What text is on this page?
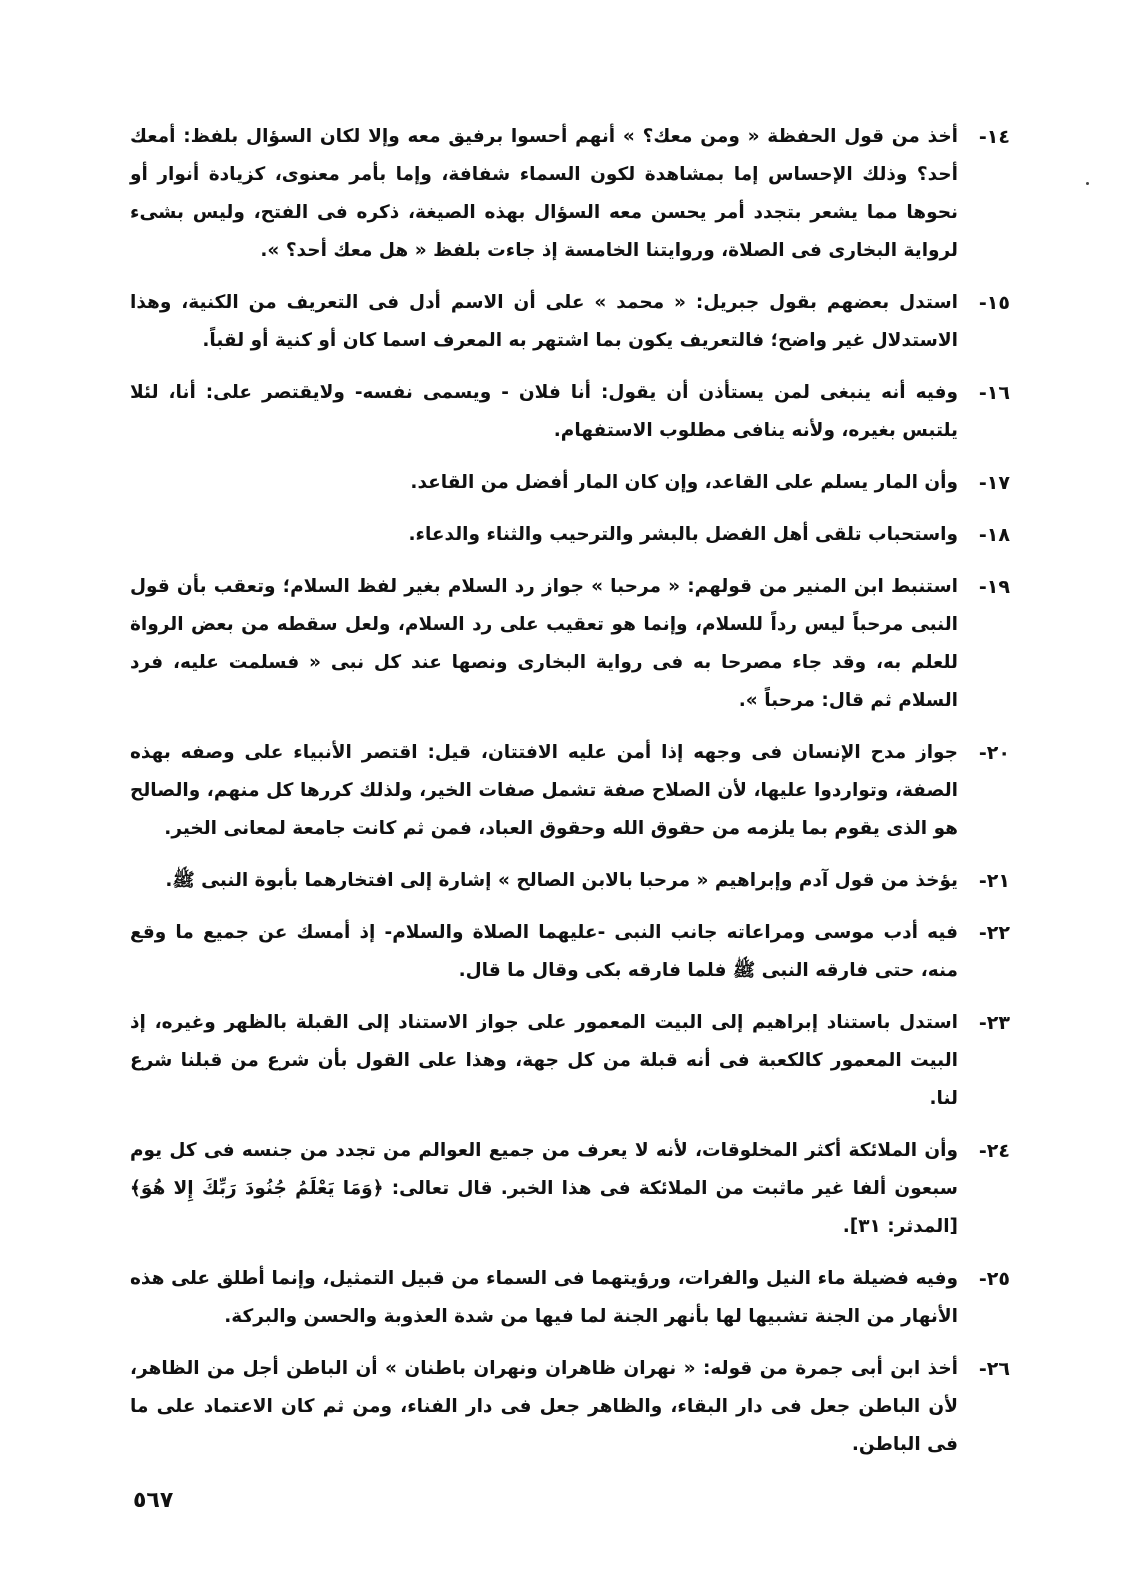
١٤-

أخذ من قول الحفظة « ومن معك؟ » أنهم أحسوا برفيق معه وإلا لكان السؤال بلفظ: أمعك أحد؟ وذلك الإحساس إما بمشاهدة لكون السماء شفافة، وإما بأمر معنوى، كزيادة أنوار أو نحوها مما يشعر بتجدد أمر يحسن معه السؤال بهذه الصيغة، ذكره فى الفتح، وليس بشىء لرواية البخارى فى الصلاة، وروايتنا الخامسة إذ جاءت بلفظ « هل معك أحد؟ ».

١٥-

استدل بعضهم بقول جبريل: « محمد » على أن الاسم أدل فى التعريف من الكنية، وهذا الاستدلال غير واضح؛ فالتعريف يكون بما اشتهر به المعرف اسما كان أو كنية أو لقباً.

١٦-

وفيه أنه ينبغى لمن يستأذن أن يقول: أنا فلان - ويسمى نفسه- ولايقتصر على: أنا، لئلا يلتبس بغيره، ولأنه ينافى مطلوب الاستفهام.

١٧-

وأن المار يسلم على القاعد، وإن كان المار أفضل من القاعد.

١٨-

واستحباب تلقى أهل الفضل بالبشر والترحيب والثناء والدعاء.

١٩-

استنبط ابن المنير من قولهم: « مرحبا » جواز رد السلام بغير لفظ السلام؛ وتعقب بأن قول النبى مرحباً ليس رداً للسلام، وإنما هو تعقيب على رد السلام، ولعل سقطه من بعض الرواة للعلم به، وقد جاء مصرحا به فى رواية البخارى ونصها عند كل نبى « فسلمت عليه، فرد السلام ثم قال: مرحباً ».

٢٠-

جواز مدح الإنسان فى وجهه إذا أمن عليه الافتتان، قيل: اقتصر الأنبياء على وصفه بهذه الصفة، وتواردوا عليها، لأن الصلاح صفة تشمل صفات الخير، ولذلك كررها كل منهم، والصالح هو الذى يقوم بما يلزمه من حقوق الله وحقوق العباد، فمن ثم كانت جامعة لمعانى الخير.

٢١-

يؤخذ من قول آدم وإبراهيم « مرحبا بالابن الصالح » إشارة إلى افتخارهما بأبوة النبى ﷺ.

٢٢-

فيه أدب موسى ومراعاته جانب النبى -عليهما الصلاة والسلام- إذ أمسك عن جميع ما وقع منه، حتى فارقه النبى ﷺ فلما فارقه بكى وقال ما قال.

٢٣-

استدل باستناد إبراهيم إلى البيت المعمور على جواز الاستناد إلى القبلة بالظهر وغيره، إذ البيت المعمور كالكعبة فى أنه قبلة من كل جهة، وهذا على القول بأن شرع من قبلنا شرع لنا.

٢٤-

وأن الملائكة أكثر المخلوقات، لأنه لا يعرف من جميع العوالم من تجدد من جنسه فى كل يوم سبعون ألفا غير ماثبت من الملائكة فى هذا الخبر. قال تعالى: ﴿وَمَا يَعْلَمُ جُنُودَ رَبِّكَ إِلا هُوَ﴾[المدثر: ٣١].

٢٥-

وفيه فضيلة ماء النيل والفرات، ورؤيتهما فى السماء من قبيل التمثيل، وإنما أطلق على هذه الأنهار من الجنة تشبيها لها بأنهر الجنة لما فيها من شدة العذوبة والحسن والبركة.

٢٦-

أخذ ابن أبى جمرة من قوله: « نهران ظاهران ونهران باطنان » أن الباطن أجل من الظاهر، لأن الباطن جعل فى دار البقاء، والظاهر جعل فى دار الفناء، ومن ثم كان الاعتماد على ما فى الباطن.

٥٦٧
